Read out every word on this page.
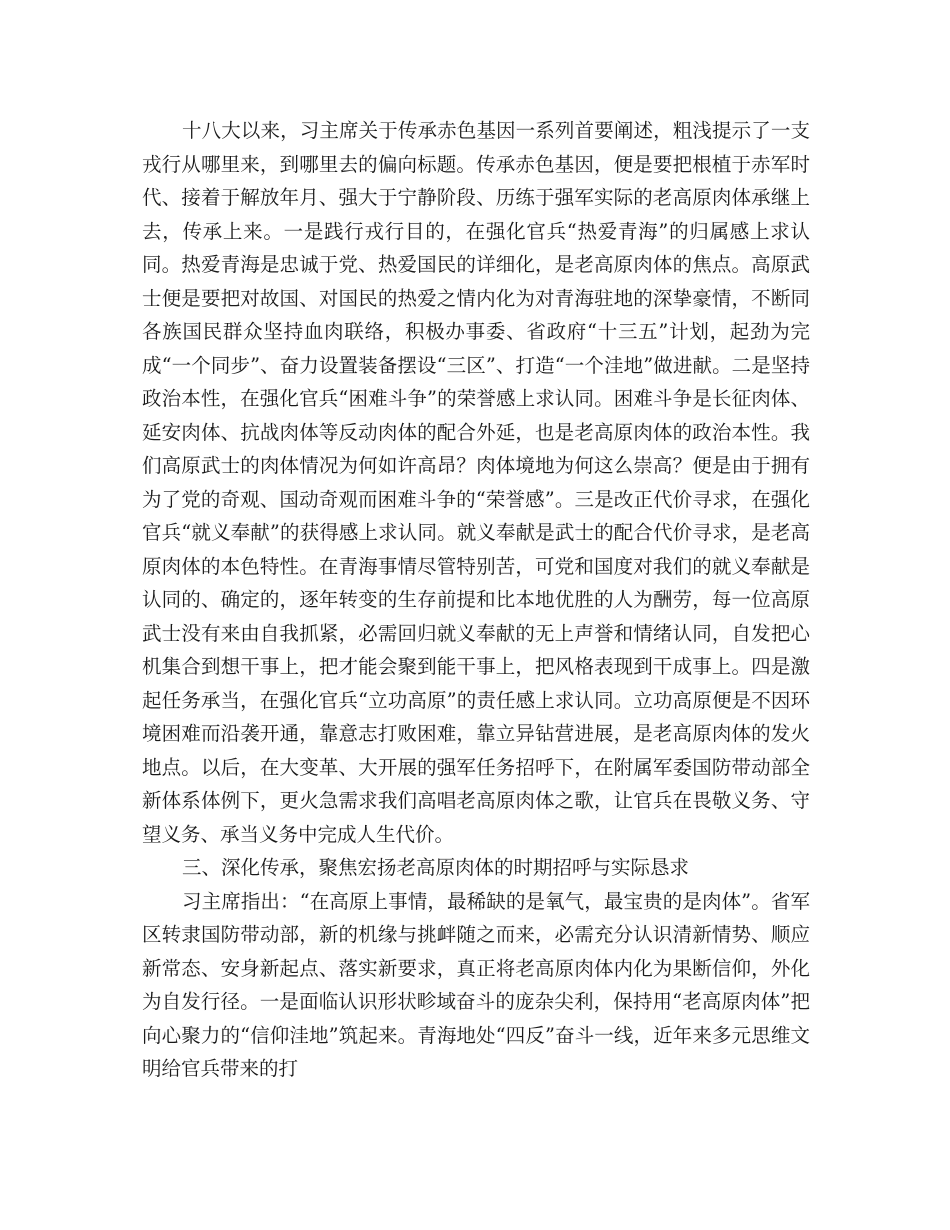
十八大以来，习主席关于传承赤色基因一系列首要阐述，粗浅提示了一支戎行从哪里来，到哪里去的偏向标题。传承赤色基因，便是要把根植于赤军时代、接着于解放年月、强大于宁静阶段、历练于强军实际的老高原肉体承继上去，传承上来。一是践行戎行目的，在强化官兵“热爱青海”的归属感上求认同。热爱青海是忠诚于党、热爱国民的详细化，是老高原肉体的焦点。高原武士便是要把对故国、对国民的热爱之情内化为对青海驻地的深挚豪情，不断同各族国民群众坚持血肉联络，积极办事委、省政府“十三五”计划，起劲为完成“一个同步”、奋力设置装备摆设“三区”、打造“一个洼地”做进献。二是坚持政治本性，在强化官兵“困难斗争”的荣誉感上求认同。困难斗争是长征肉体、延安肉体、抗战肉体等反动肉体的配合外延，也是老高原肉体的政治本性。我们高原武士的肉体情况为何如许高昂？肉体境地为何这么崇高？便是由于拥有为了党的奇观、国动奇观而困难斗争的“荣誉感”。三是改正代价寻求，在强化官兵“就义奉献”的获得感上求认同。就义奉献是武士的配合代价寻求，是老高原肉体的本色特性。在青海事情尽管特别苦，可党和国度对我们的就义奉献是认同的、确定的，逐年转变的生存前提和比本地优胜的人为酬劳，每一位高原武士没有来由自我抓紧，必需回归就义奉献的无上声誉和情绪认同，自发把心机集合到想干事上，把才能会聚到能干事上，把风格表现到干成事上。四是激起任务承当，在强化官兵“立功高原”的责任感上求认同。立功高原便是不因环境困难而沿袭开通，靠意志打败困难，靠立异钻营进展，是老高原肉体的发火地点。以后，在大变革、大开展的强军任务招呼下，在附属军委国防带动部全新体系体例下，更火急需求我们高唱老高原肉体之歌，让官兵在畏敬义务、守望义务、承当义务中完成人生代价。

三、深化传承，聚焦宏扬老高原肉体的时期招呼与实际恳求

习主席指出：“在高原上事情，最稀缺的是氧气，最宝贵的是肉体”。省军区转隶国防带动部，新的机缘与挑衅随之而来，必需充分认识清新情势、顺应新常态、安身新起点、落实新要求，真正将老高原肉体内化为果断信仰，外化为自发行径。一是面临认识形状畛域奋斗的庞杂尖利，保持用“老高原肉体”把向心聚力的“信仰洼地”筑起来。青海地处“四反”奋斗一线，近年来多元思维文明给官兵带来的打
